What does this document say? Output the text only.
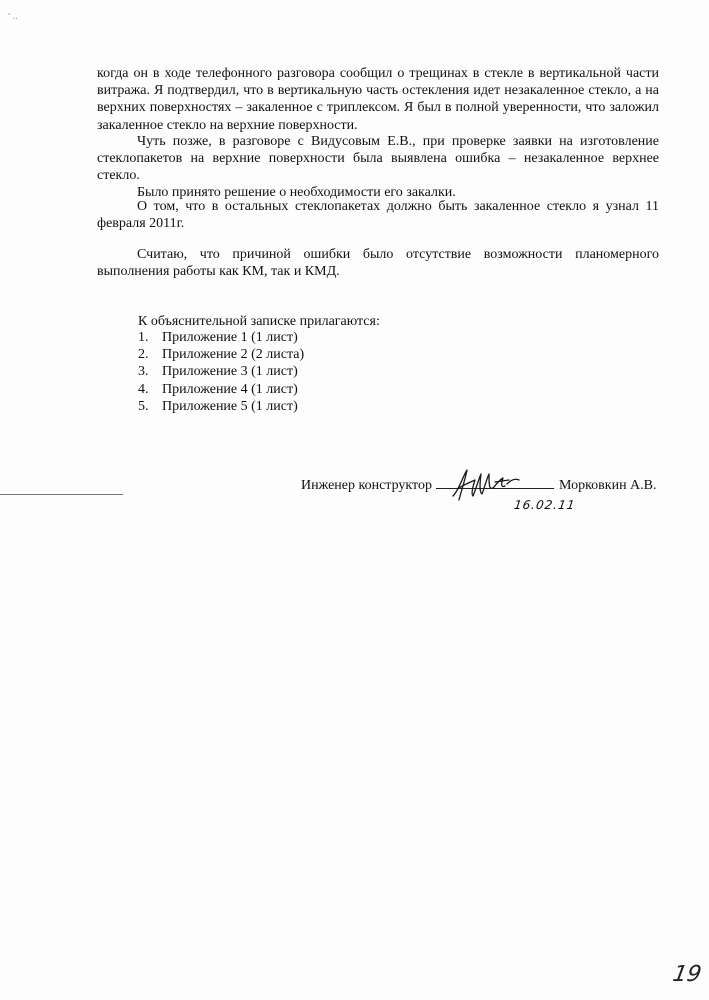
' ..

когда он в ходе телефонного разговора сообщил о трещинах в стекле в вертикальной части витража. Я подтвердил, что в вертикальную часть остекления идет незакаленное стекло, а на верхних поверхностях – закаленное с триплексом. Я был в полной уверенности, что заложил закаленное стекло на верхние поверхности.

Чуть позже, в разговоре с Видусовым Е.В., при проверке заявки на изготовление стеклопакетов на верхние поверхности была выявлена ошибка – незакаленное верхнее стекло.

Было принято решение о необходимости его закалки.

О том, что в остальных стеклопакетах должно быть закаленное стекло я узнал 11 февраля 2011г.

Считаю, что причиной ошибки было отсутствие возможности планомерного выполнения работы как КМ, так и КМД.

К объяснительной записке прилагаются:
1. Приложение 1 (1 лист)
2. Приложение 2 (2 листа)
3. Приложение 3 (1 лист)
4. Приложение 4 (1 лист)
5. Приложение 5 (1 лист)
Инженер конструктор	Морковкин А.В.
16.02.11
19
